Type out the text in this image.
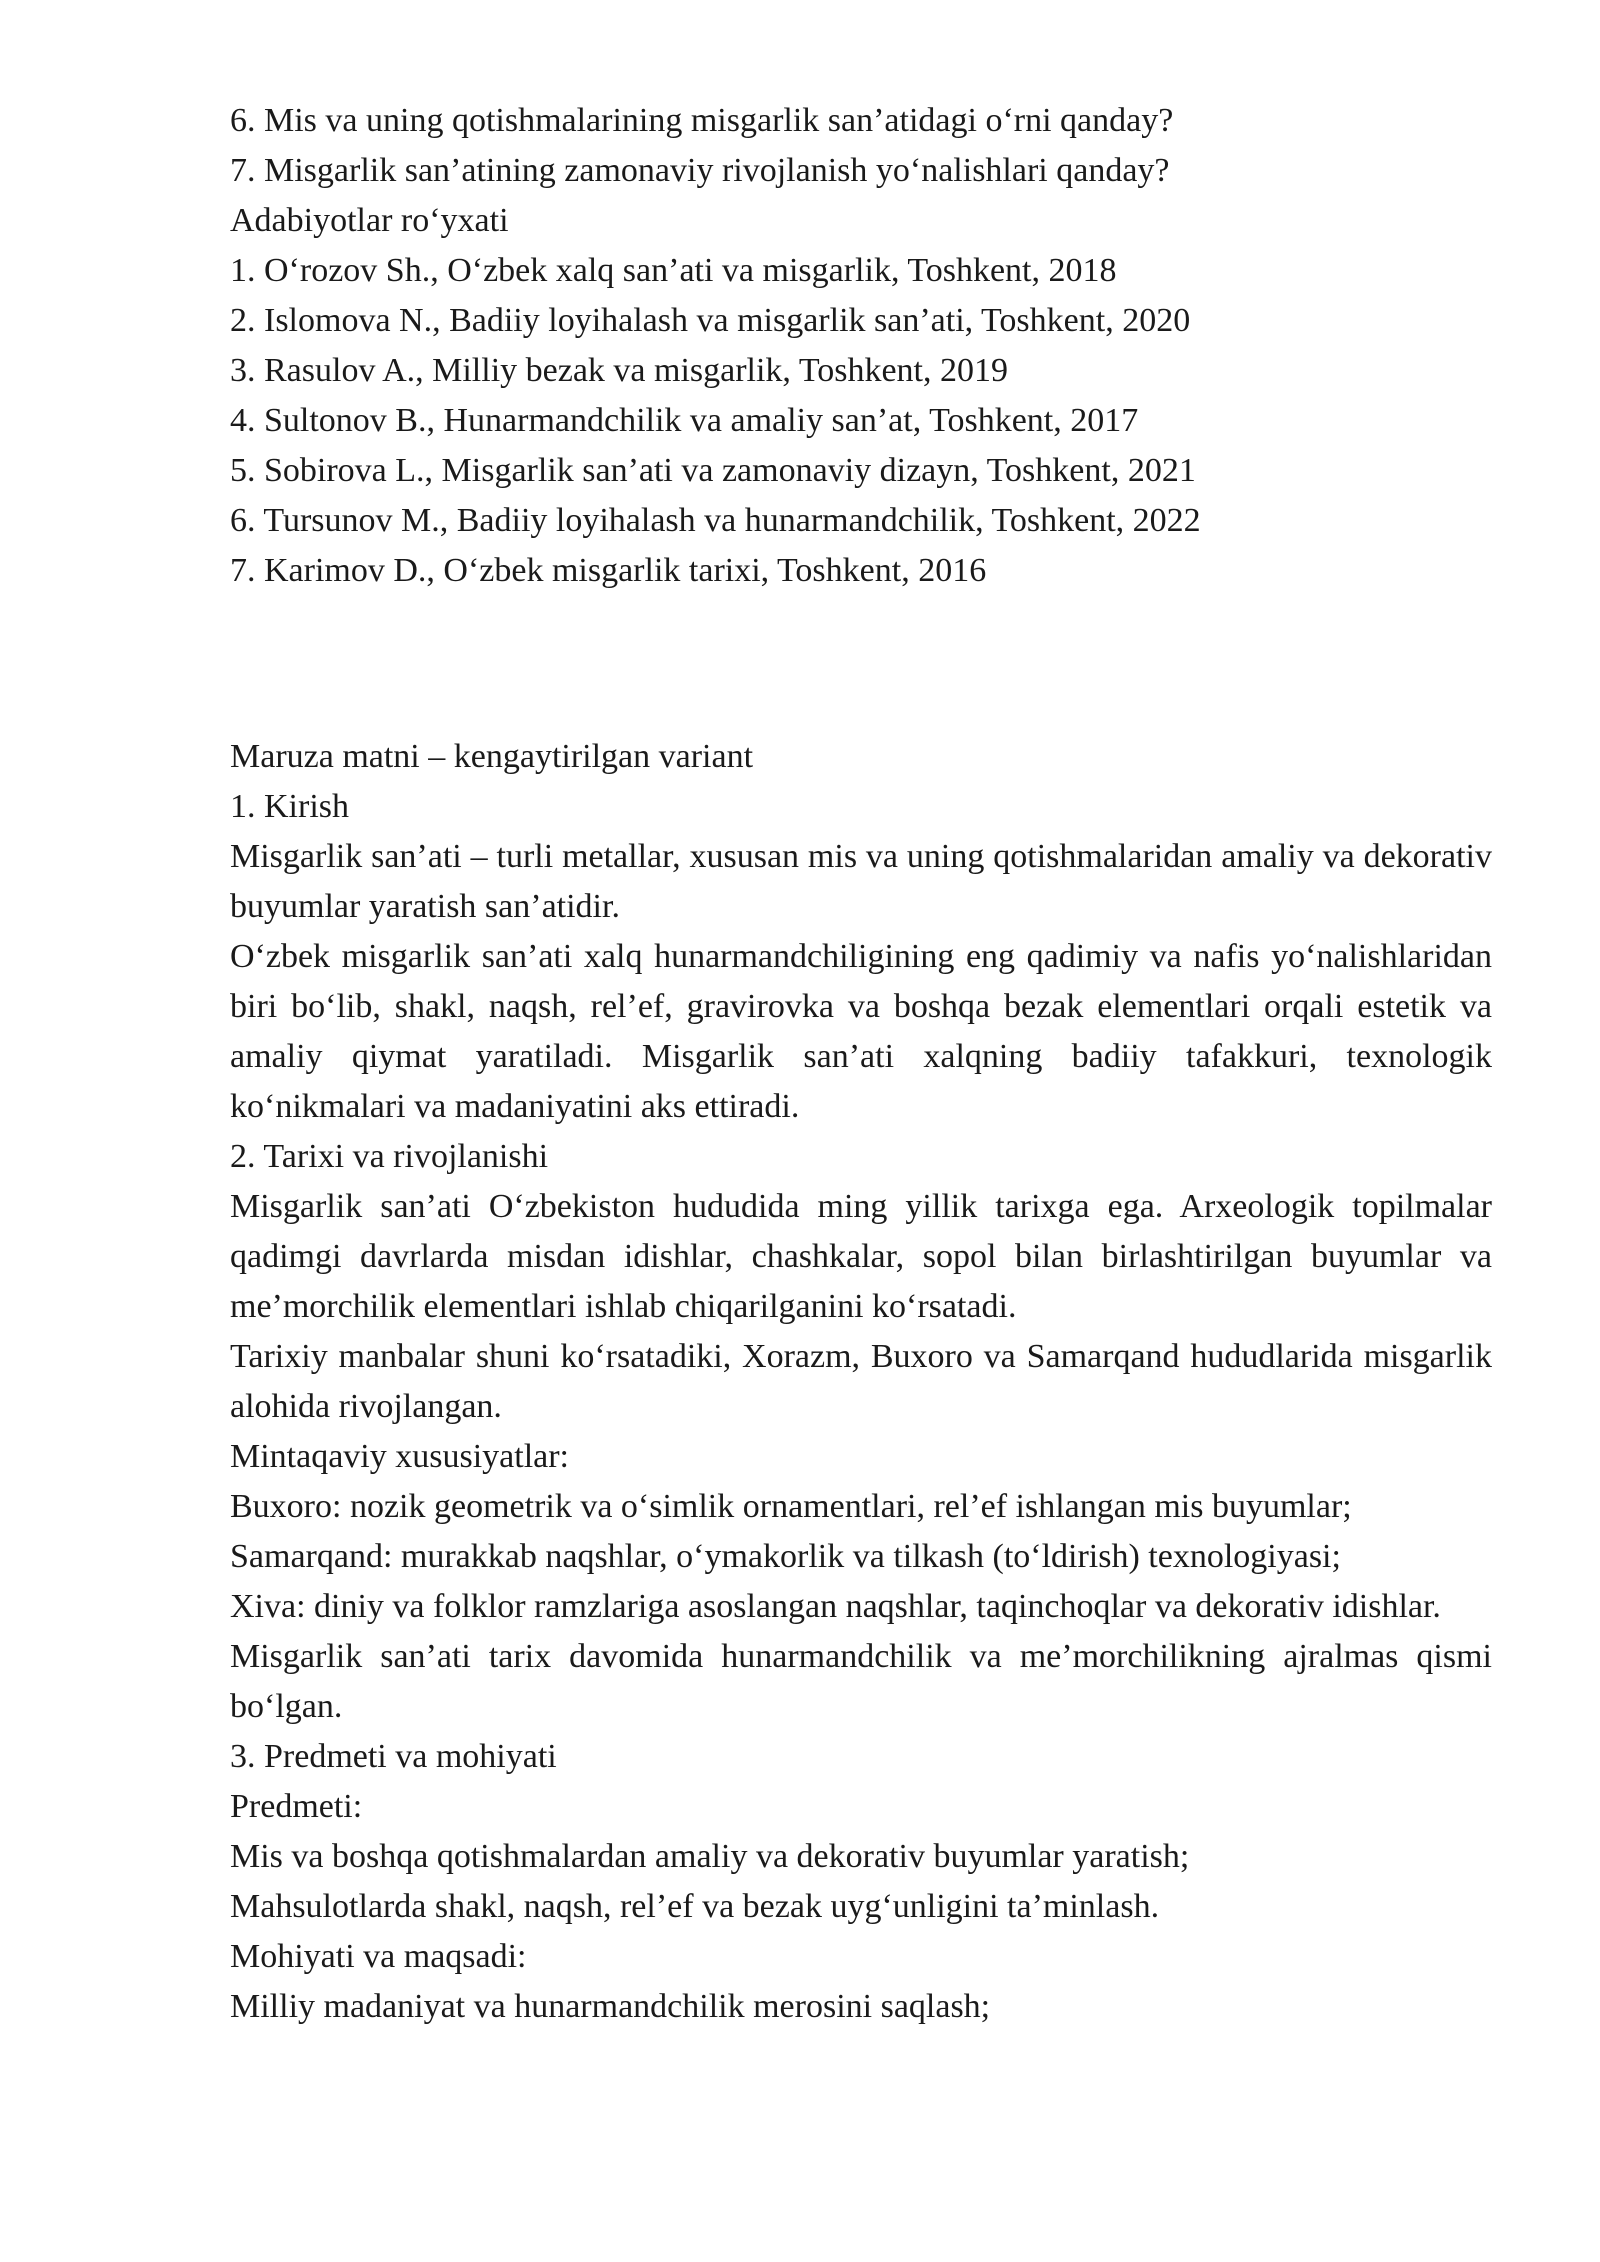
6. Mis va uning qotishmalarining misgarlik san’atidagi o‘rni qanday?

7. Misgarlik san’atining zamonaviy rivojlanish yo‘nalishlari qanday?

Adabiyotlar ro‘yxati

1. O‘rozov Sh., O‘zbek xalq san’ati va misgarlik, Toshkent, 2018

2. Islomova N., Badiiy loyihalash va misgarlik san’ati, Toshkent, 2020

3. Rasulov A., Milliy bezak va misgarlik, Toshkent, 2019

4. Sultonov B., Hunarmandchilik va amaliy san’at, Toshkent, 2017

5. Sobirova L., Misgarlik san’ati va zamonaviy dizayn, Toshkent, 2021

6. Tursunov M., Badiiy loyihalash va hunarmandchilik, Toshkent, 2022

7. Karimov D., O‘zbek misgarlik tarixi, Toshkent, 2016

Maruza matni – kengaytirilgan variant

1. Kirish

Misgarlik san’ati – turli metallar, xususan mis va uning qotishmalaridan amaliy va dekorativ buyumlar yaratish san’atidir.

O‘zbek misgarlik san’ati xalq hunarmandchiligining eng qadimiy va nafis yo‘nalishlaridan biri bo‘lib, shakl, naqsh, rel’ef, gravirovka va boshqa bezak elementlari orqali estetik va amaliy qiymat yaratiladi. Misgarlik san’ati xalqning badiiy tafakkuri, texnologik ko‘nikmalari va madaniyatini aks ettiradi.

2. Tarixi va rivojlanishi

Misgarlik san’ati O‘zbekiston hududida ming yillik tarixga ega. Arxeologik topilmalar qadimgi davrlarda misdan idishlar, chashkalar, sopol bilan birlashtirilgan buyumlar va me’morchilik elementlari ishlab chiqarilganini ko‘rsatadi.

Tarixiy manbalar shuni ko‘rsatadiki, Xorazm, Buxoro va Samarqand hududlarida misgarlik alohida rivojlangan.

Mintaqaviy xususiyatlar:

Buxoro: nozik geometrik va o‘simlik ornamentlari, rel’ef ishlangan mis buyumlar;

Samarqand: murakkab naqshlar, o‘ymakorlik va tilkash (to‘ldirish) texnologiyasi;

Xiva: diniy va folklor ramzlariga asoslangan naqshlar, taqinchoqlar va dekorativ idishlar.

Misgarlik san’ati tarix davomida hunarmandchilik va me’morchilikning ajralmas qismi bo‘lgan.

3. Predmeti va mohiyati

Predmeti:

Mis va boshqa qotishmalardan amaliy va dekorativ buyumlar yaratish;

Mahsulotlarda shakl, naqsh, rel’ef va bezak uyg‘unligini ta’minlash.

Mohiyati va maqsadi:

Milliy madaniyat va hunarmandchilik merosini saqlash;
